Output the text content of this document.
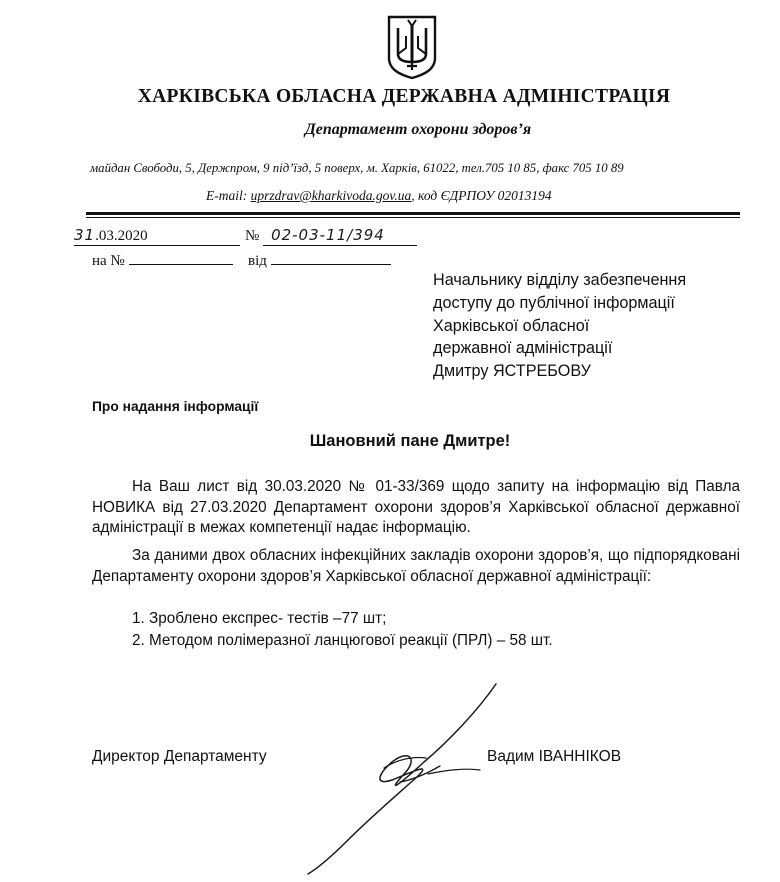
ХАРКІВСЬКА ОБЛАСНА ДЕРЖАВНА АДМІНІСТРАЦІЯ
Департамент охорони здоров’я
майдан Свободи, 5, Держпром, 9 під’їзд, 5 поверх, м. Харків, 61022, тел.705 10 85, факс 705 10 89
E-mail: uprzdrav@kharkivoda.gov.ua, код ЄДРПОУ 02013194
31.03.2020	№ 02-03-11/394
на №	від
Начальнику відділу забезпечення
доступу до публічної інформації
Харківської обласної
державної адміністрації
Дмитру ЯСТРЕБОВУ
Про надання інформації
Шановний пане Дмитре!
На Ваш лист від 30.03.2020 № 01-33/369 щодо запиту на інформацію від Павла НОВИКА від 27.03.2020 Департамент охорони здоров’я Харківської обласної державної адміністрації в межах компетенції надає інформацію.
За даними двох обласних інфекційних закладів охорони здоров’я, що підпорядковані Департаменту охорони здоров’я Харківської обласної державної адміністрації:
1. Зроблено експрес- тестів –77 шт;
2. Методом полімеразної ланцюгової реакції (ПРЛ) – 58 шт.
Директор Департаменту	Вадим ІВАННІКОВ
